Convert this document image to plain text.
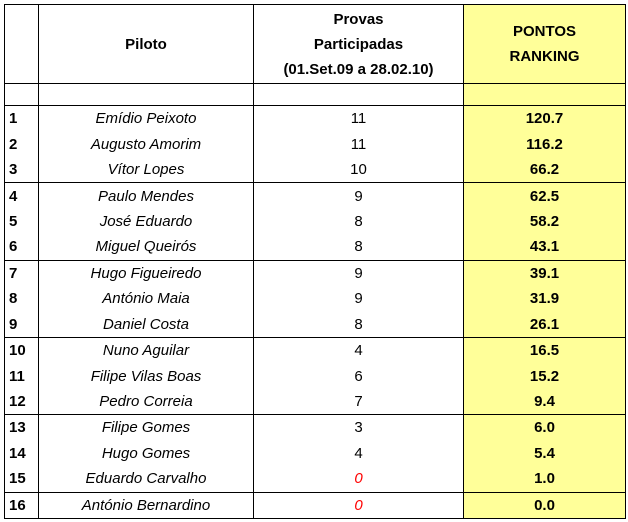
	Piloto	Provas
Participadas
(01.Set.09 a 28.02.10)	PONTOS
RANKING

1	Emídio Peixoto	11	120.7
2	Augusto Amorim	11	116.2
3	Vítor Lopes	10	66.2
4	Paulo Mendes	9	62.5
5	José Eduardo	8	58.2
6	Miguel Queirós	8	43.1
7	Hugo Figueiredo	9	39.1
8	António Maia	9	31.9
9	Daniel Costa	8	26.1
10	Nuno Aguilar	4	16.5
11	Filipe Vilas Boas	6	15.2
12	Pedro Correia	7	9.4
13	Filipe Gomes	3	6.0
14	Hugo Gomes	4	5.4
15	Eduardo Carvalho	0	1.0
16	António Bernardino	0	0.0
